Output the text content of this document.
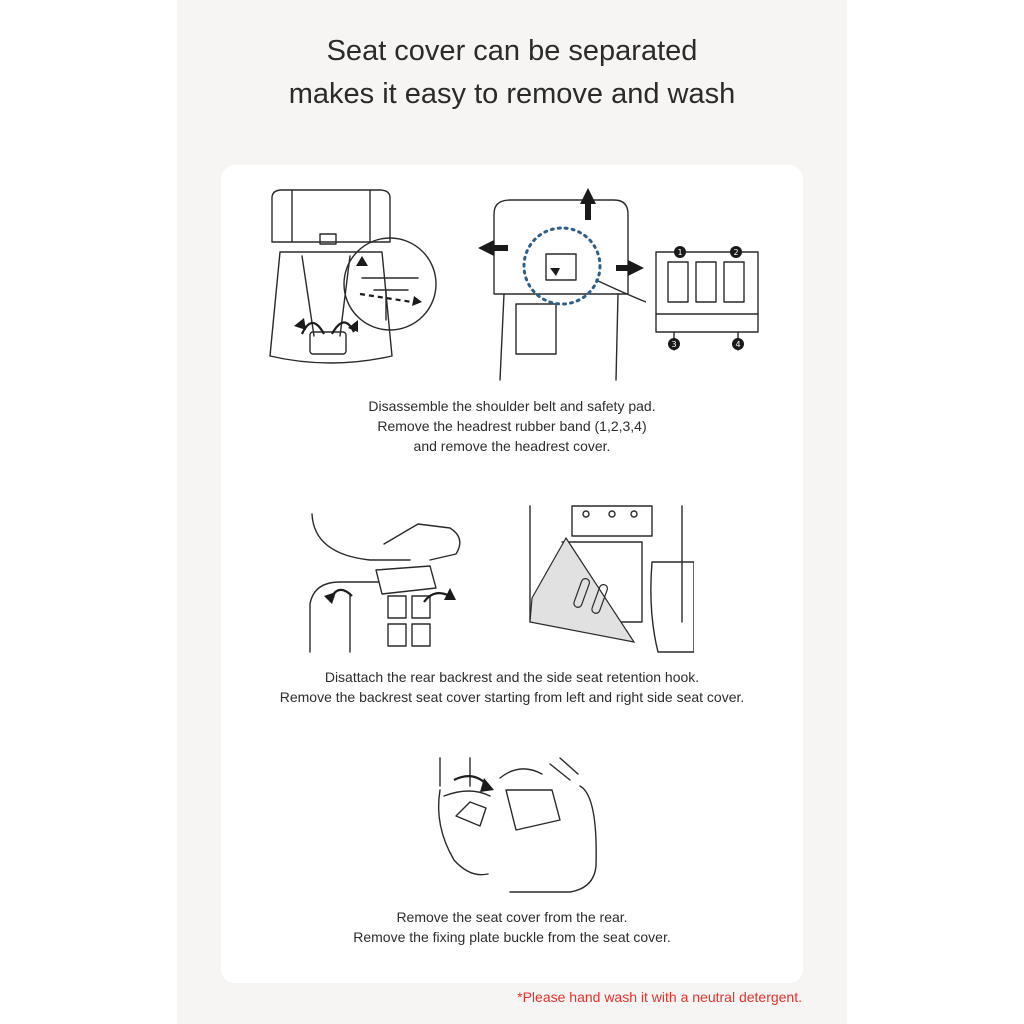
Seat cover can be separated
makes it easy to remove and wash
1	2
3	4
Disassemble the shoulder belt and safety pad.
Remove the headrest rubber band (1,2,3,4)
and remove the headrest cover.
Disattach the rear backrest and the side seat retention hook.
Remove the backrest seat cover starting from left and right side seat cover.
Remove the seat cover from the rear.
Remove the fixing plate buckle from the seat cover.
*Please hand wash it with a neutral detergent.
